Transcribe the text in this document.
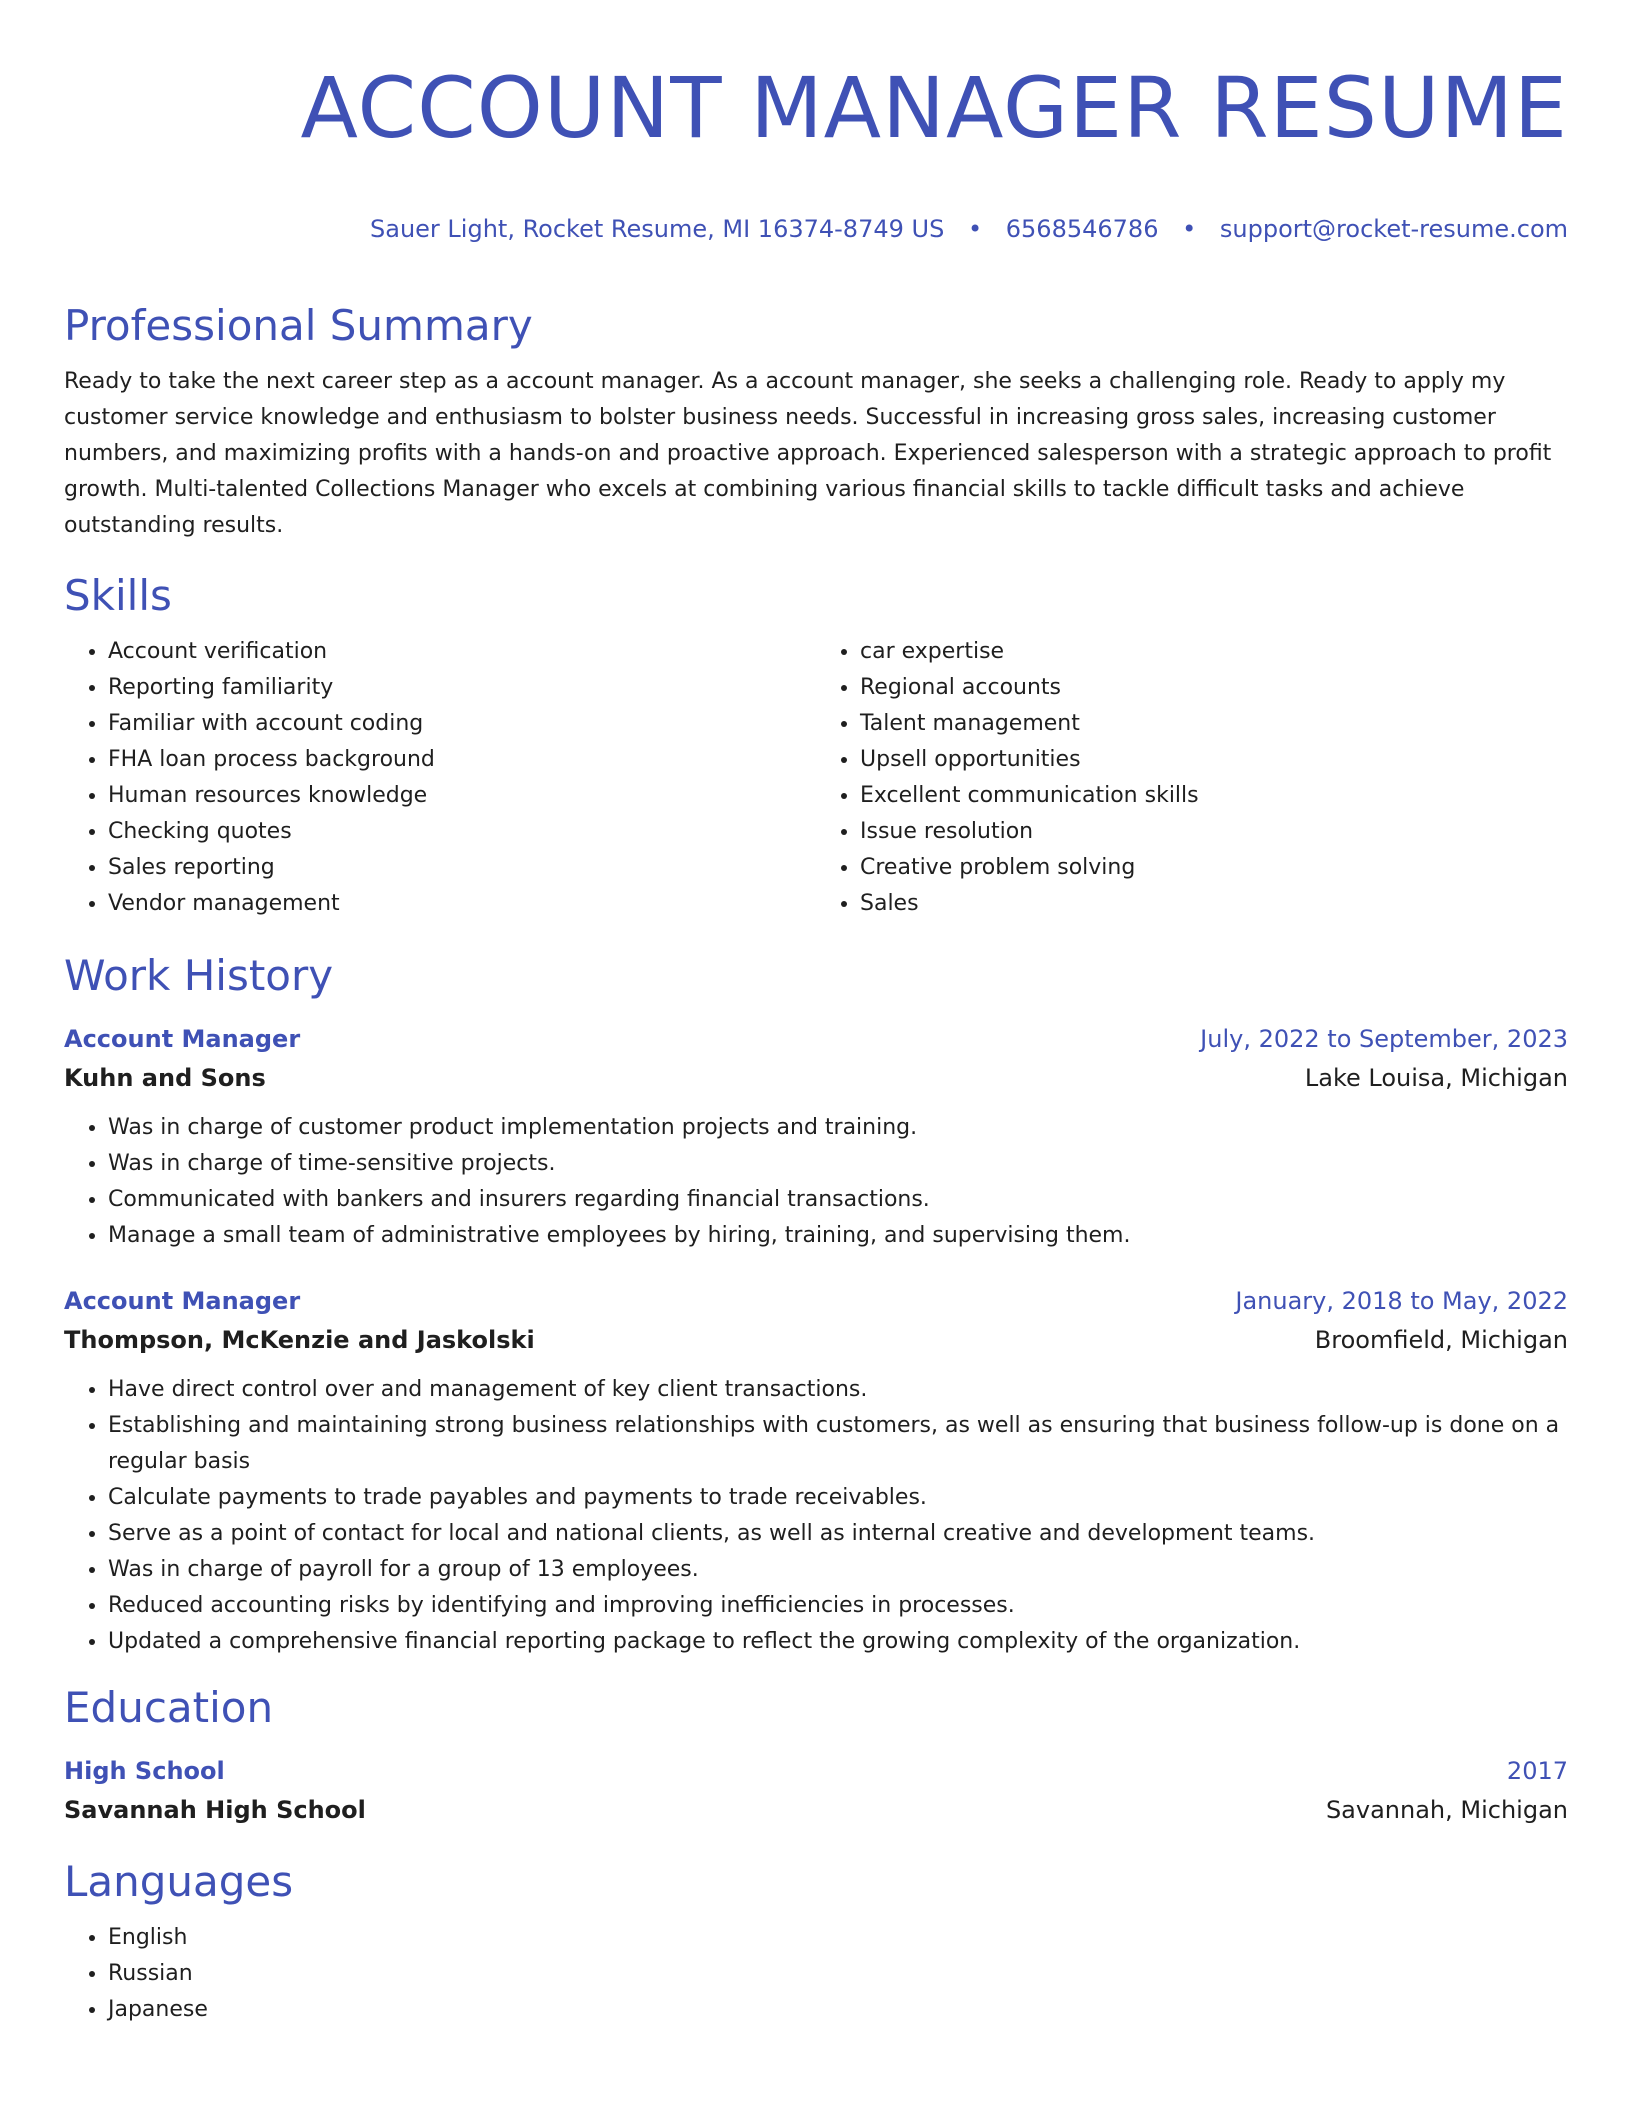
ACCOUNT MANAGER RESUME
Sauer Light, Rocket Resume, MI 16374-8749 US • 6568546786 • support@rocket-resume.com
Professional Summary

Ready to take the next career step as a account manager. As a account manager, she seeks a challenging role. Ready to apply my customer service knowledge and enthusiasm to bolster business needs. Successful in increasing gross sales, increasing customer numbers, and maximizing profits with a hands-on and proactive approach. Experienced salesperson with a strategic approach to profit growth. Multi-talented Collections Manager who excels at combining various financial skills to tackle difficult tasks and achieve outstanding results.

Skills
• Account verification
• Reporting familiarity
• Familiar with account coding
• FHA loan process background
• Human resources knowledge
• Checking quotes
• Sales reporting
• Vendor management
• car expertise
• Regional accounts
• Talent management
• Upsell opportunities
• Excellent communication skills
• Issue resolution
• Creative problem solving
• Sales
Work History
Account Manager	July, 2022 to September, 2023
Kuhn and Sons	Lake Louisa, Michigan
• Was in charge of customer product implementation projects and training.
• Was in charge of time-sensitive projects.
• Communicated with bankers and insurers regarding financial transactions.
• Manage a small team of administrative employees by hiring, training, and supervising them.
Account Manager	January, 2018 to May, 2022
Thompson, McKenzie and Jaskolski	Broomfield, Michigan
• Have direct control over and management of key client transactions.
• Establishing and maintaining strong business relationships with customers, as well as ensuring that business follow-up is done on a regular basis
• Calculate payments to trade payables and payments to trade receivables.
• Serve as a point of contact for local and national clients, as well as internal creative and development teams.
• Was in charge of payroll for a group of 13 employees.
• Reduced accounting risks by identifying and improving inefficiencies in processes.
• Updated a comprehensive financial reporting package to reflect the growing complexity of the organization.
Education
High School	2017
Savannah High School	Savannah, Michigan
Languages
• English
• Russian
• Japanese
